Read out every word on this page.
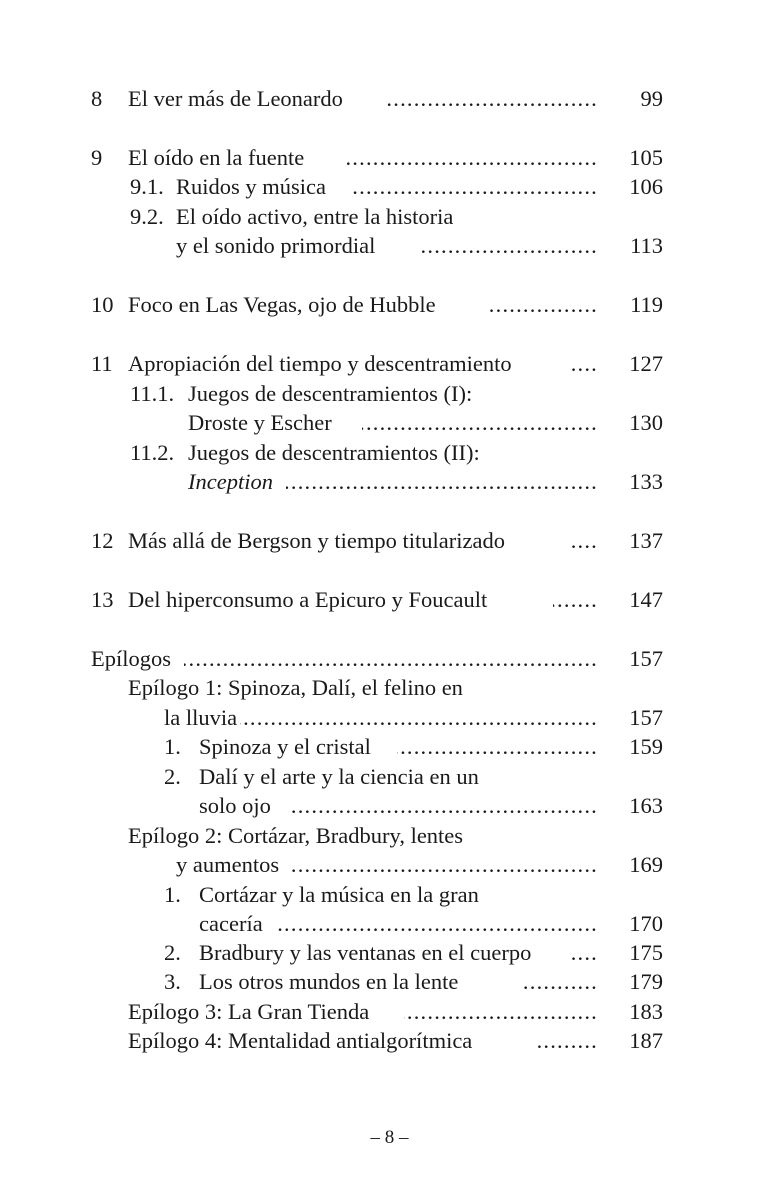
8 El ver más de Leonardo .....	99
9 El oído en la fuente .....	105
9.1. Ruidos y música .....	106
9.2. El oído activo, entre la historia
y el sonido primordial .....	113
10 Foco en Las Vegas, ojo de Hubble .....	119
11 Apropiación del tiempo y descentramiento .....	127
11.1. Juegos de descentramientos (I):
Droste y Escher .....	130
11.2. Juegos de descentramientos (II):
Inception .....	133
12 Más allá de Bergson y tiempo titularizado .....	137
13 Del hiperconsumo a Epicuro y Foucault .....	147
Epílogos .....	157
Epílogo 1: Spinoza, Dalí, el felino en
la lluvia .....	157
1. Spinoza y el cristal .....	159
2. Dalí y el arte y la ciencia en un
solo ojo .....	163
Epílogo 2: Cortázar, Bradbury, lentes
y aumentos .....	169
1. Cortázar y la música en la gran
cacería .....	170
2. Bradbury y las ventanas en el cuerpo .....	175
3. Los otros mundos en la lente .....	179
Epílogo 3: La Gran Tienda .....	183
Epílogo 4: Mentalidad antialgorítmica .....	187
– 8 –
